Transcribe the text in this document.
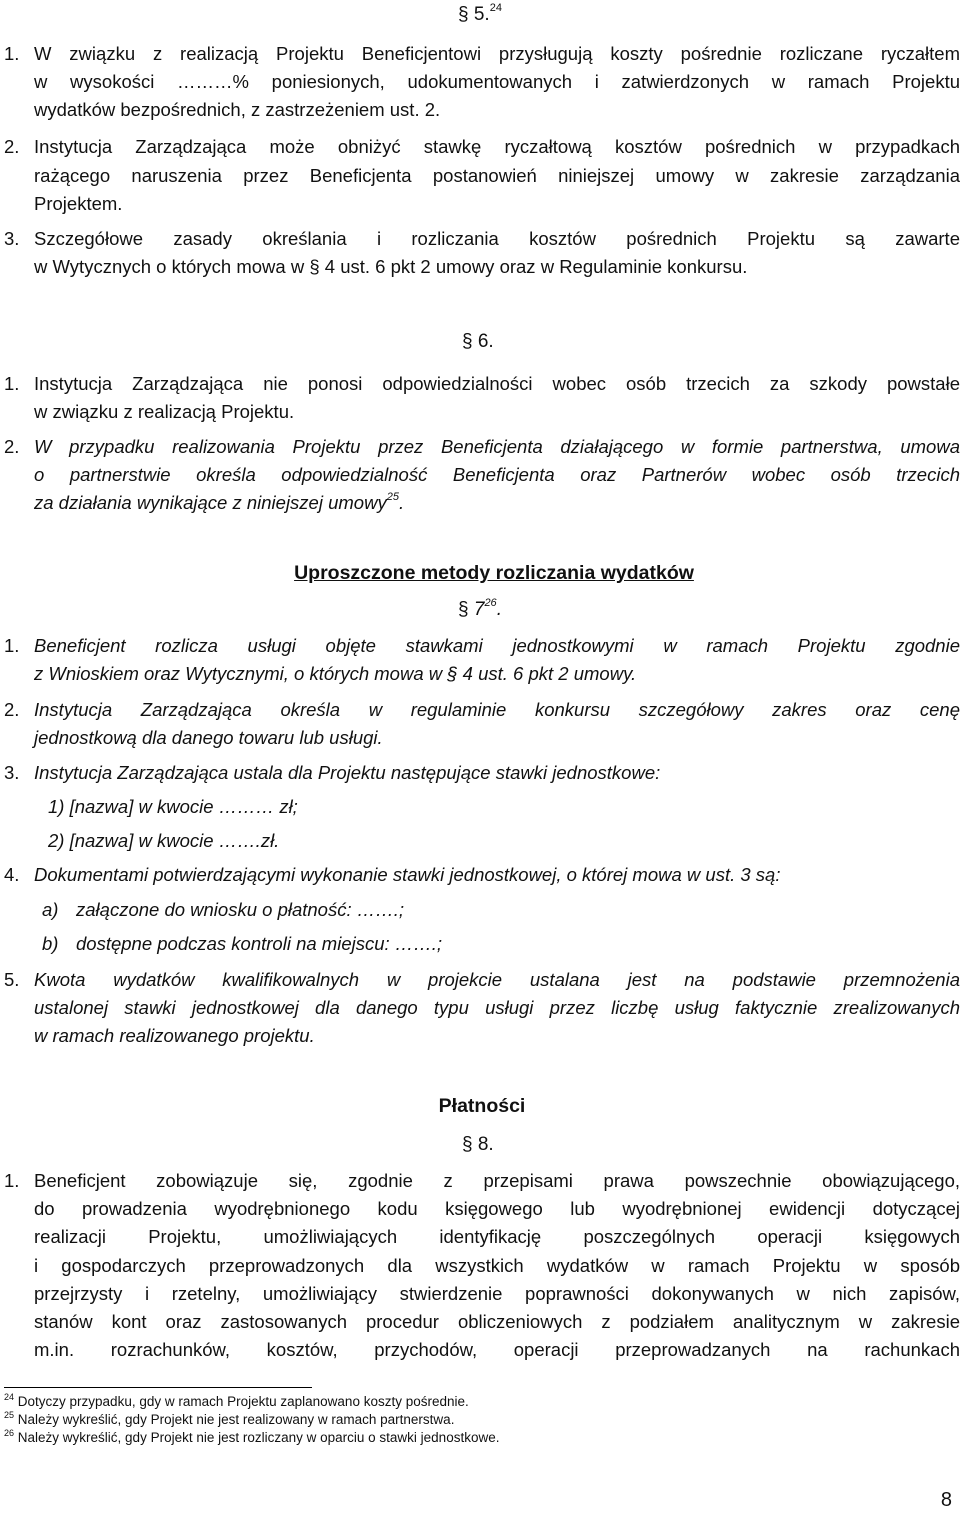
§ 5.24
1. W związku z realizacją Projektu Beneficjentowi przysługują koszty pośrednie rozliczane ryczałtem
w wysokości ………% poniesionych, udokumentowanych i zatwierdzonych w ramach Projektu
wydatków bezpośrednich, z zastrzeżeniem ust. 2.
2. Instytucja Zarządzająca może obniżyć stawkę ryczałtową kosztów pośrednich w przypadkach
rażącego naruszenia przez Beneficjenta postanowień niniejszej umowy w zakresie zarządzania
Projektem.
3. Szczegółowe zasady określania i rozliczania kosztów pośrednich Projektu są zawarte
w Wytycznych o których mowa w § 4 ust. 6 pkt 2 umowy oraz w Regulaminie konkursu.
§ 6.
1. Instytucja Zarządzająca nie ponosi odpowiedzialności wobec osób trzecich za szkody powstałe
w związku z realizacją Projektu.
2. W przypadku realizowania Projektu przez Beneficjenta działającego w formie partnerstwa, umowa
o partnerstwie określa odpowiedzialność Beneficjenta oraz Partnerów wobec osób trzecich
za działania wynikające z niniejszej umowy$^{25}$.
Uproszczone metody rozliczania wydatków
§ $7^{26}$.
1. Beneficjent rozlicza usługi objęte stawkami jednostkowymi w ramach Projektu zgodnie
z Wnioskiem oraz Wytycznymi, o których mowa w § 4 ust. 6 pkt 2 umowy.
2. Instytucja Zarządzająca określa w regulaminie konkursu szczegółowy zakres oraz cenę
jednostkową dla danego towaru lub usługi.
3. Instytucja Zarządzająca ustala dla Projektu następujące stawki jednostkowe:
1) [nazwa] w kwocie ……… zł;
2) [nazwa] w kwocie …….zł.
4. Dokumentami potwierdzającymi wykonanie stawki jednostkowej, o której mowa w ust. 3 są:
a) załączone do wniosku o płatność: …….;
b) dostępne podczas kontroli na miejscu: …….;
5. Kwota wydatków kwalifikowalnych w projekcie ustalana jest na podstawie przemnożenia
ustalonej stawki jednostkowej dla danego typu usługi przez liczbę usług faktycznie zrealizowanych
w ramach realizowanego projektu.
Płatności
§ 8.
1. Beneficjent zobowiązuje się, zgodnie z przepisami prawa powszechnie obowiązującego,
do prowadzenia wyodrębnionego kodu księgowego lub wyodrębnionej ewidencji dotyczącej
realizacji Projektu, umożliwiających identyfikację poszczególnych operacji księgowych
i gospodarczych przeprowadzonych dla wszystkich wydatków w ramach Projektu w sposób
przejrzysty i rzetelny, umożliwiający stwierdzenie poprawności dokonywanych w nich zapisów,
stanów kont oraz zastosowanych procedur obliczeniowych z podziałem analitycznym w zakresie
m.in. rozrachunków, kosztów, przychodów, operacji przeprowadzanych na rachunkach
$^{24}$ Dotyczy przypadku, gdy w ramach Projektu zaplanowano koszty pośrednie.
$^{25}$ Należy wykreślić, gdy Projekt nie jest realizowany w ramach partnerstwa.
$^{26}$ Należy wykreślić, gdy Projekt nie jest rozliczany w oparciu o stawki jednostkowe.
8
